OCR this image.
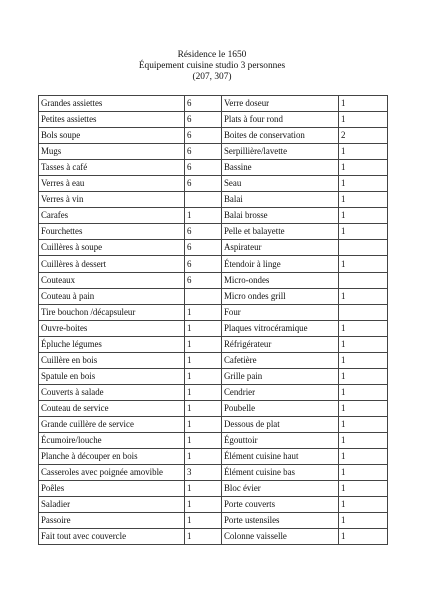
Résidence le 1650
Équipement cuisine studio 3 personnes
(207, 307)
Grandes assiettes	6	Verre doseur	1
Petites assiettes	6	Plats à four rond	1
Bols soupe	6	Boites de conservation	2
Mugs	6	Serpillière/lavette	1
Tasses à café	6	Bassine	1
Verres à eau	6	Seau	1
Verres à vin		Balai	1
Carafes	1	Balai brosse	1
Fourchettes	6	Pelle et balayette	1
Cuillères à soupe	6	Aspirateur	
Cuillères à dessert	6	Étendoir à linge	1
Couteaux	6	Micro-ondes	
Couteau à pain		Micro ondes grill	1
Tire bouchon /décapsuleur	1	Four	
Ouvre-boites	1	Plaques vitrocéramique	1
Épluche légumes	1	Réfrigérateur	1
Cuillère en bois	1	Cafetière	1
Spatule en bois	1	Grille pain	1
Couverts à salade	1	Cendrier	1
Couteau de service	1	Poubelle	1
Grande cuillère de service	1	Dessous de plat	1
Écumoire/louche	1	Égouttoir	1
Planche à découper en bois	1	Élément cuisine haut	1
Casseroles avec poignée amovible	3	Élément cuisine bas	1
Poêles	1	Bloc évier	1
Saladier	1	Porte couverts	1
Passoire	1	Porte ustensiles	1
Fait tout avec couvercle	1	Colonne vaisselle	1
